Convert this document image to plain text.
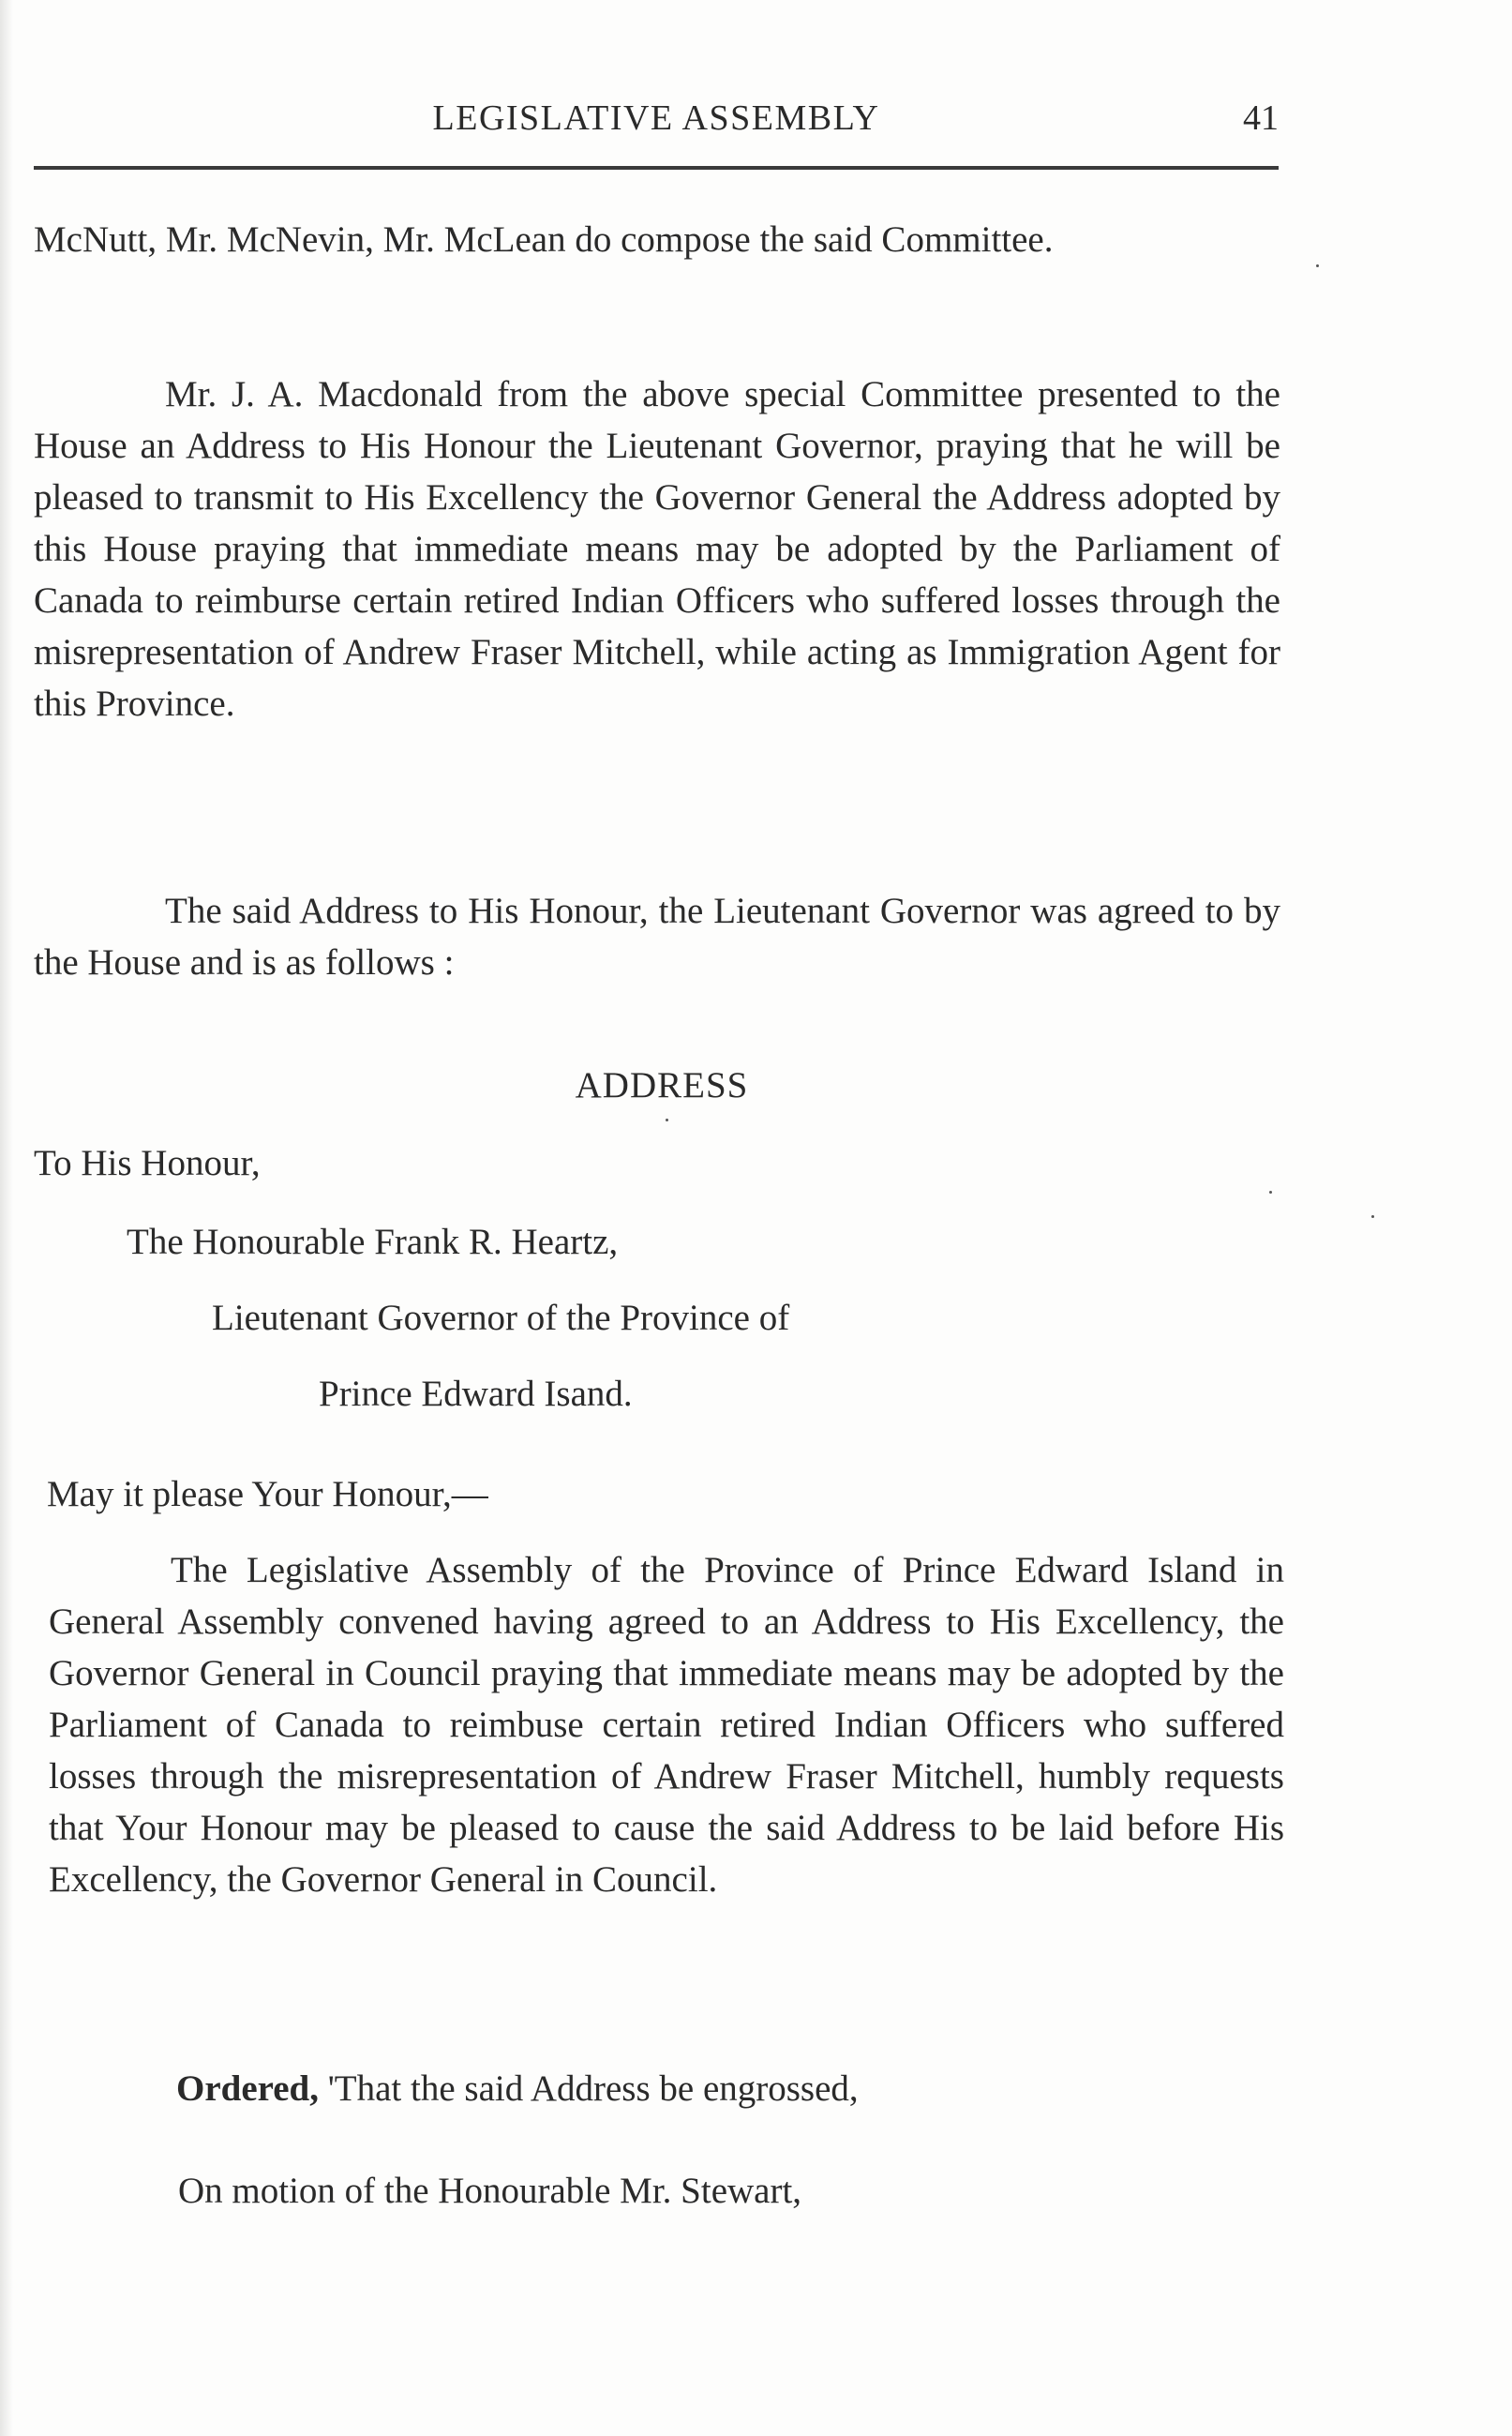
LEGISLATIVE ASSEMBLY	41

McNutt, Mr. McNevin, Mr. McLean do compose the said Committee.

Mr. J. A. Macdonald from the above special Committee presented to the House an Address to His Honour the Lieutenant Governor, praying that he will be pleased to transmit to His Excellency the Governor General the Address adopted by this House praying that immediate means may be adopted by the Parliament of Canada to reimburse certain retired Indian Officers who suffered losses through the misrepresentation of Andrew Fraser Mitchell, while acting as Immigration Agent for this Province.

The said Address to His Honour, the Lieutenant Governor was agreed to by the House and is as follows :

ADDRESS
To His Honour,
The Honourable Frank R. Heartz,
Lieutenant Governor of the Province of
Prince Edward Isand.
May it please Your Honour,—

The Legislative Assembly of the Province of Prince Edward Island in General Assembly convened having agreed to an Address to His Excellency, the Governor General in Council praying that immediate means may be adopted by the Parliament of Canada to reimbuse certain retired Indian Officers who suffered losses through the misrepresentation of Andrew Fraser Mitchell, humbly requests that Your Honour may be pleased to cause the said Address to be laid before His Excellency, the Governor General in Council.

Ordered, 'That the said Address be engrossed,
On motion of the Honourable Mr. Stewart,
